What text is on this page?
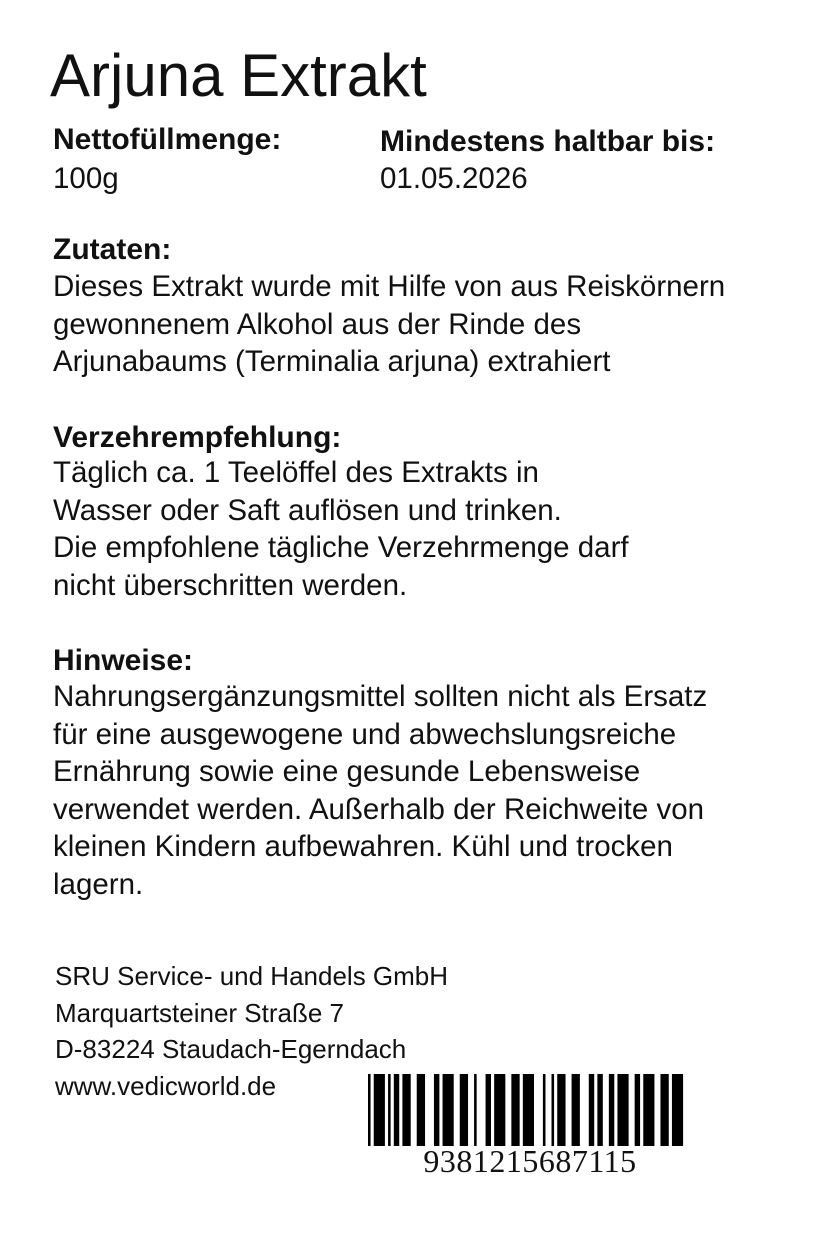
Arjuna Extrakt
Nettofüllmenge:
100g
Mindestens haltbar bis:
01.05.2026
Zutaten:
Dieses Extrakt wurde mit Hilfe von aus Reiskörnern
gewonnenem Alkohol aus der Rinde des
Arjunabaums (Terminalia arjuna) extrahiert
Verzehrempfehlung:
Täglich ca. 1 Teelöffel des Extrakts in
Wasser oder Saft auflösen und trinken.
Die empfohlene tägliche Verzehrmenge darf
nicht überschritten werden.
Hinweise:
Nahrungsergänzungsmittel sollten nicht als Ersatz
für eine ausgewogene und abwechslungsreiche
Ernährung sowie eine gesunde Lebensweise
verwendet werden. Außerhalb der Reichweite von
kleinen Kindern aufbewahren. Kühl und trocken
lagern.
SRU Service- und Handels GmbH
Marquartsteiner Straße 7
D-83224 Staudach-Egerndach
www.vedicworld.de
9381215687115
